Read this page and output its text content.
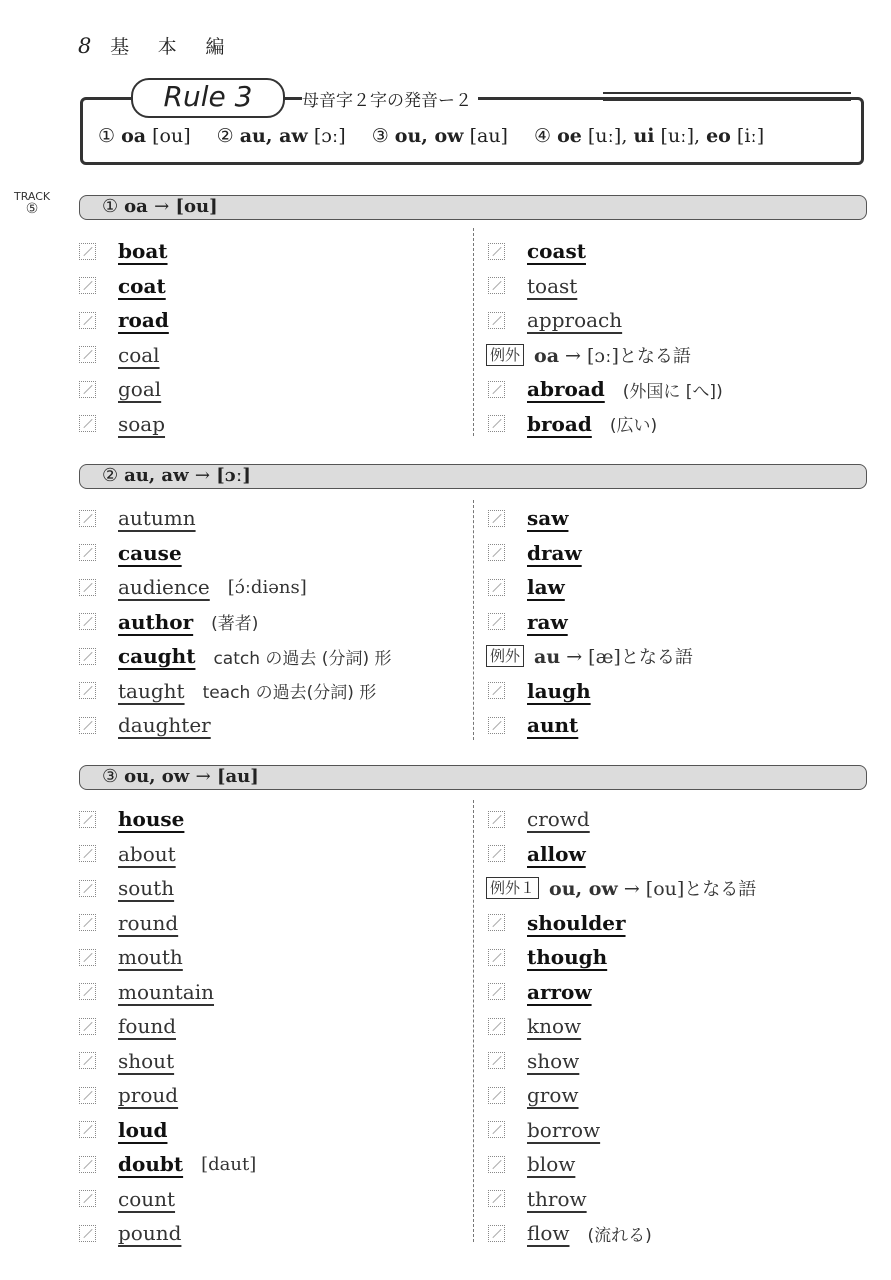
8 基 本 編
Rule 3	母音字２字の発音ー２
① oa [ou] ② au, aw [ɔː] ③ ou, ow [au] ④ oe [uː], ui [uː], eo [iː]
TRACK
⑤	① oa → [ou]
boat
coat
road
coal
goal
soap
coast
toast
approach
例外 oa → [ɔː]となる語
abroad (外国に [へ])
broad (広い)
② au, aw → [ɔː]
autumn
cause
audience [ɔ́ːdiəns]
author (著者)
caught catch の過去 (分詞) 形
taught teach の過去(分詞) 形
daughter
saw
draw
law
raw
例外 au → [æ]となる語
laugh
aunt
③ ou, ow → [au]
house
about
south
round
mouth
mountain
found
shout
proud
loud
doubt [daut]
count
pound
crowd
allow
例外１ ou, ow → [ou]となる語
shoulder
though
arrow
know
show
grow
borrow
blow
throw
flow (流れる)
